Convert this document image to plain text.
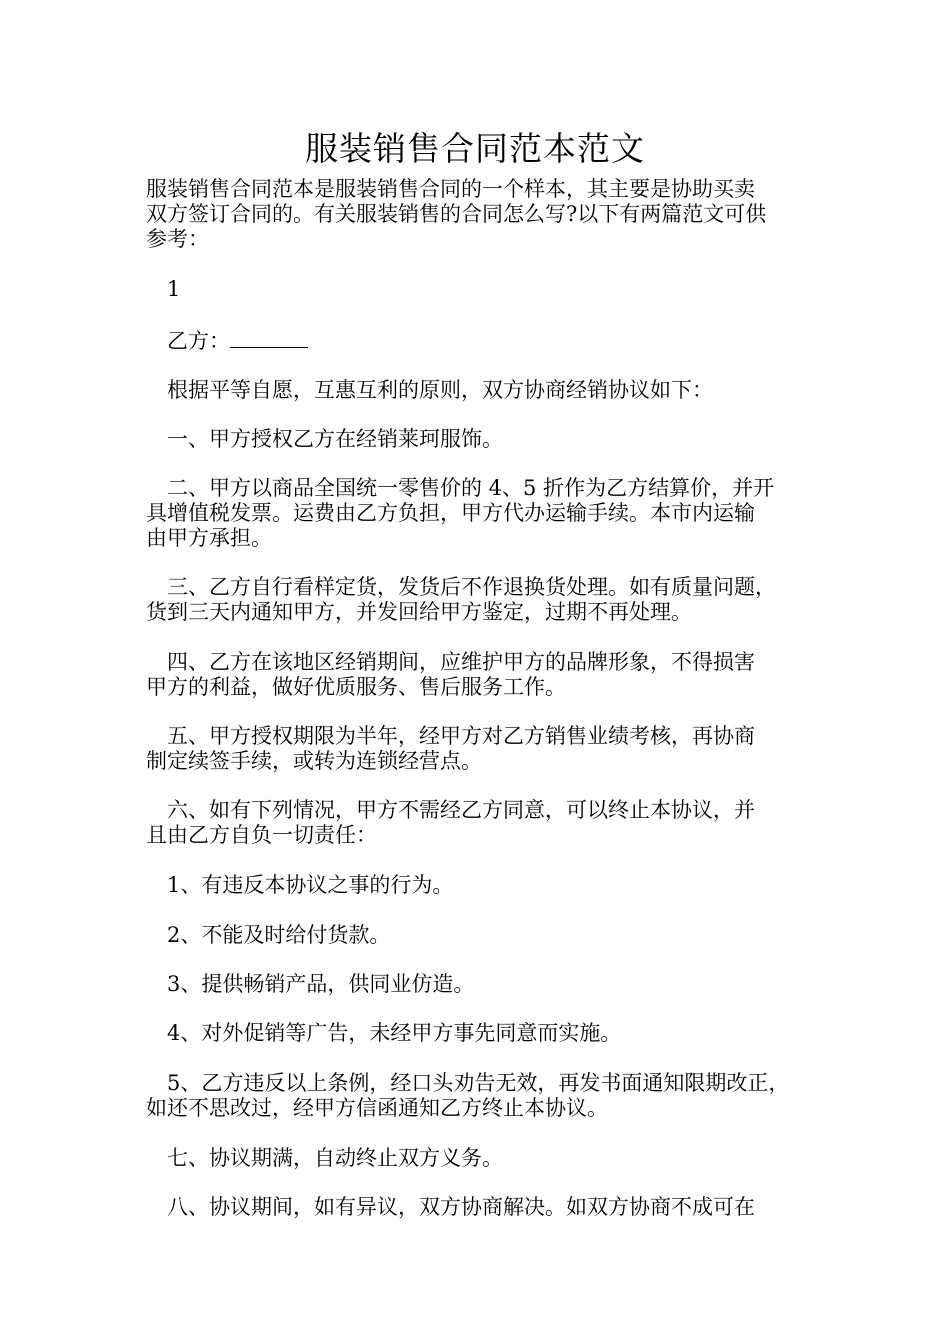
服装销售合同范本范文
服装销售合同范本是服装销售合同的一个样本，其主要是协助买卖
双方签订合同的。有关服装销售的合同怎么写?以下有两篇范文可供
参考：
1
乙方：
根据平等自愿，互惠互利的原则，双方协商经销协议如下：
一、甲方授权乙方在经销莱珂服饰。
二、甲方以商品全国统一零售价的 4、5 折作为乙方结算价，并开
具增值税发票。运费由乙方负担，甲方代办运输手续。本市内运输
由甲方承担。
三、乙方自行看样定货，发货后不作退换货处理。如有质量问题，
货到三天内通知甲方，并发回给甲方鉴定，过期不再处理。
四、乙方在该地区经销期间，应维护甲方的品牌形象，不得损害
甲方的利益，做好优质服务、售后服务工作。
五、甲方授权期限为半年，经甲方对乙方销售业绩考核，再协商
制定续签手续，或转为连锁经营点。
六、如有下列情况，甲方不需经乙方同意，可以终止本协议，并
且由乙方自负一切责任：
1、有违反本协议之事的行为。
2、不能及时给付货款。
3、提供畅销产品，供同业仿造。
4、对外促销等广告，未经甲方事先同意而实施。
5、乙方违反以上条例，经口头劝告无效，再发书面通知限期改正，
如还不思改过，经甲方信函通知乙方终止本协议。
七、协议期满，自动终止双方义务。
八、协议期间，如有异议，双方协商解决。如双方协商不成可在
